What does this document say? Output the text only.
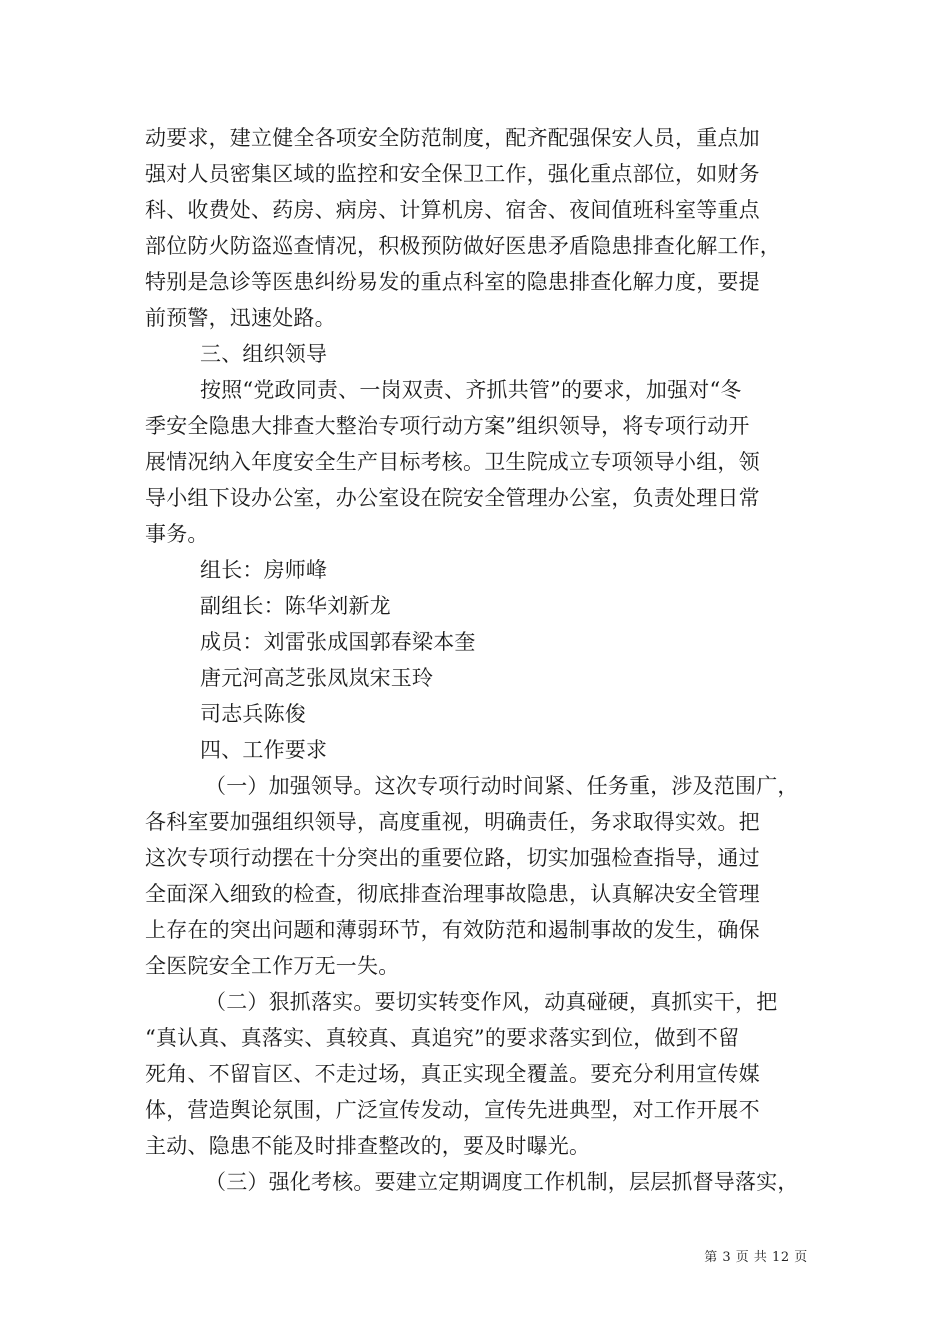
动要求，建立健全各项安全防范制度，配齐配强保安人员，重点加
强对人员密集区域的监控和安全保卫工作，强化重点部位，如财务
科、收费处、药房、病房、计算机房、宿舍、夜间值班科室等重点
部位防火防盗巡查情况，积极预防做好医患矛盾隐患排查化解工作，
特别是急诊等医患纠纷易发的重点科室的隐患排查化解力度，要提
前预警，迅速处路。
三、组织领导
按照“党政同责、一岗双责、齐抓共管”的要求，加强对“冬
季安全隐患大排查大整治专项行动方案”组织领导，将专项行动开
展情况纳入年度安全生产目标考核。卫生院成立专项领导小组，领
导小组下设办公室，办公室设在院安全管理办公室，负责处理日常
事务。
组长：房师峰
副组长：陈华刘新龙
成员：刘雷张成国郭春梁本奎
唐元河高芝张凤岚宋玉玲
司志兵陈俊
四、工作要求
（一）加强领导。这次专项行动时间紧、任务重，涉及范围广，
各科室要加强组织领导，高度重视，明确责任，务求取得实效。把
这次专项行动摆在十分突出的重要位路，切实加强检查指导，通过
全面深入细致的检查，彻底排查治理事故隐患，认真解决安全管理
上存在的突出问题和薄弱环节，有效防范和遏制事故的发生，确保
全医院安全工作万无一失。
（二）狠抓落实。要切实转变作风，动真碰硬，真抓实干，把
“真认真、真落实、真较真、真追究”的要求落实到位，做到不留
死角、不留盲区、不走过场，真正实现全覆盖。要充分利用宣传媒
体，营造舆论氛围，广泛宣传发动，宣传先进典型，对工作开展不
主动、隐患不能及时排查整改的，要及时曝光。
（三）强化考核。要建立定期调度工作机制，层层抓督导落实，
第 3 页 共 12 页
